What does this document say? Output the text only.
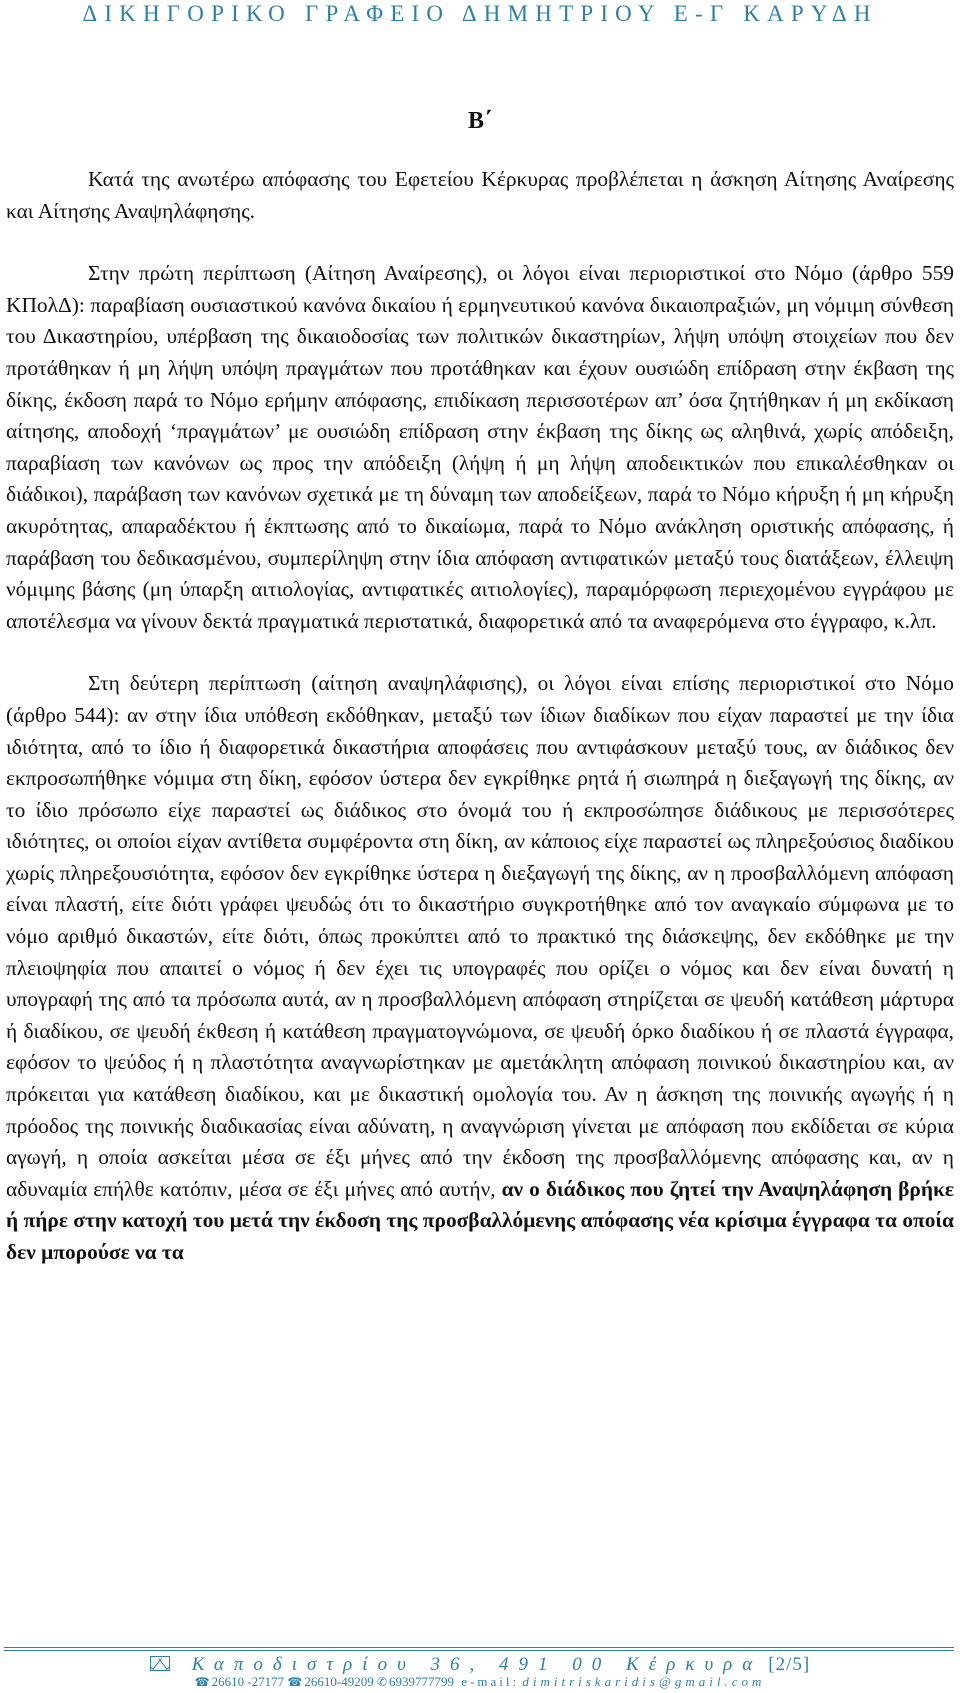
ΔΙΚΗΓΟΡΙΚΟ ΓΡΑΦΕΙΟ ΔΗΜΗΤΡΙΟΥ Ε-Γ ΚΑΡΥΔΗ
Β΄

Κατά της ανωτέρω απόφασης του Εφετείου Κέρκυρας προβλέπεται η άσκηση Αίτησης Αναίρεσης και Αίτησης Αναψηλάφησης.

Στην πρώτη περίπτωση (Αίτηση Αναίρεσης), οι λόγοι είναι περιοριστικοί στο Νόμο (άρθρο 559 ΚΠολΔ): παραβίαση ουσιαστικού κανόνα δικαίου ή ερμηνευτικού κανόνα δικαιοπραξιών, μη νόμιμη σύνθεση του Δικαστηρίου, υπέρβαση της δικαιοδοσίας των πολιτικών δικαστηρίων, λήψη υπόψη στοιχείων που δεν προτάθηκαν ή μη λήψη υπόψη πραγμάτων που προτάθηκαν και έχουν ουσιώδη επίδραση στην έκβαση της δίκης, έκδοση παρά το Νόμο ερήμην απόφασης, επιδίκαση περισσοτέρων απ’ όσα ζητήθηκαν ή μη εκδίκαση αίτησης, αποδοχή ‘πραγμάτων’ με ουσιώδη επίδραση στην έκβαση της δίκης ως αληθινά, χωρίς απόδειξη, παραβίαση των κανόνων ως προς την απόδειξη (λήψη ή μη λήψη αποδεικτικών που επικαλέσθηκαν οι διάδικοι), παράβαση των κανόνων σχετικά με τη δύναμη των αποδείξεων, παρά το Νόμο κήρυξη ή μη κήρυξη ακυρότητας, απαραδέκτου ή έκπτωσης από το δικαίωμα, παρά το Νόμο ανάκληση οριστικής απόφασης, ή παράβαση του δεδικασμένου, συμπερίληψη στην ίδια απόφαση αντιφατικών μεταξύ τους διατάξεων, έλλειψη νόμιμης βάσης (μη ύπαρξη αιτιολογίας, αντιφατικές αιτιολογίες), παραμόρφωση περιεχομένου εγγράφου με αποτέλεσμα να γίνουν δεκτά πραγματικά περιστατικά, διαφορετικά από τα αναφερόμενα στο έγγραφο, κ.λπ.

Στη δεύτερη περίπτωση (αίτηση αναψηλάφισης), οι λόγοι είναι επίσης περιοριστικοί στο Νόμο (άρθρο 544): αν στην ίδια υπόθεση εκδόθηκαν, μεταξύ των ίδιων διαδίκων που είχαν παραστεί με την ίδια ιδιότητα, από το ίδιο ή διαφορετικά δικαστήρια αποφάσεις που αντιφάσκουν μεταξύ τους, αν διάδικος δεν εκπροσωπήθηκε νόμιμα στη δίκη, εφόσον ύστερα δεν εγκρίθηκε ρητά ή σιωπηρά η διεξαγωγή της δίκης, αν το ίδιο πρόσωπο είχε παραστεί ως διάδικος στο όνομά του ή εκπροσώπησε διάδικους με περισσότερες ιδιότητες, οι οποίοι είχαν αντίθετα συμφέροντα στη δίκη, αν κάποιος είχε παραστεί ως πληρεξούσιος διαδίκου χωρίς πληρεξουσιότητα, εφόσον δεν εγκρίθηκε ύστερα η διεξαγωγή της δίκης, αν η προσβαλλόμενη απόφαση είναι πλαστή, είτε διότι γράφει ψευδώς ότι το δικαστήριο συγκροτήθηκε από τον αναγκαίο σύμφωνα με το νόμο αριθμό δικαστών, είτε διότι, όπως προκύπτει από το πρακτικό της διάσκεψης, δεν εκδόθηκε με την πλειοψηφία που απαιτεί ο νόμος ή δεν έχει τις υπογραφές που ορίζει ο νόμος και δεν είναι δυνατή η υπογραφή της από τα πρόσωπα αυτά, αν η προσβαλλόμενη απόφαση στηρίζεται σε ψευδή κατάθεση μάρτυρα ή διαδίκου, σε ψευδή έκθεση ή κατάθεση πραγματογνώμονα, σε ψευδή όρκο διαδίκου ή σε πλαστά έγγραφα, εφόσον το ψεύδος ή η πλαστότητα αναγνωρίστηκαν με αμετάκλητη απόφαση ποινικού δικαστηρίου και, αν πρόκειται για κατάθεση διαδίκου, και με δικαστική ομολογία του. Αν η άσκηση της ποινικής αγωγής ή η πρόοδος της ποινικής διαδικασίας είναι αδύνατη, η αναγνώριση γίνεται με απόφαση που εκδίδεται σε κύρια αγωγή, η οποία ασκείται μέσα σε έξι μήνες από την έκδοση της προσβαλλόμενης απόφασης και, αν η αδυναμία επήλθε κατόπιν, μέσα σε έξι μήνες από αυτήν, αν ο διάδικος που ζητεί την Αναψηλάφηση βρήκε ή πήρε στην κατοχή του μετά την έκδοση της προσβαλλόμενης απόφασης νέα κρίσιμα έγγραφα τα οποία δεν μπορούσε να τα

Καποδιστρίου 36, 491 00 Κέρκυρα [2/5]
☎ 26610 -27177 ☎ 26610-49209 ✆ 6939777799 e-mail: dimitriskaridis@gmail.com
